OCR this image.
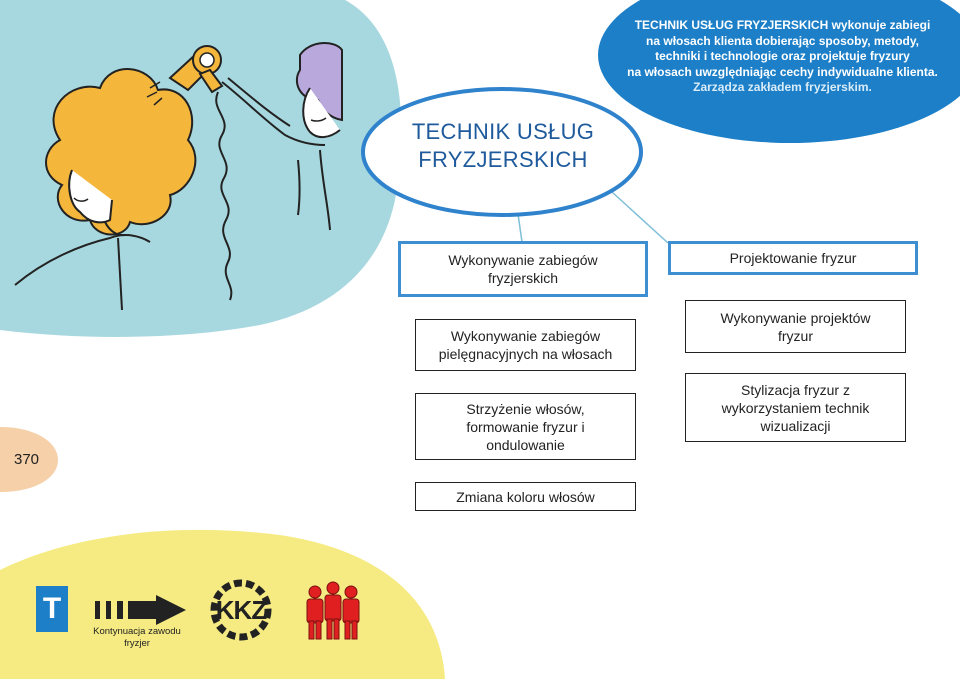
TECHNIK USŁUG FRYZJERSKICH wykonuje zabiegi
na włosach klienta dobierając sposoby, metody,
techniki i technologie oraz projektuje fryzury
na włosach uwzględniając cechy indywidualne klienta.
Zarządza zakładem fryzjerskim.
TECHNIK USŁUG
FRYZJERSKICH
Wykonywanie zabiegów fryzjerskich
Wykonywanie zabiegów pielęgnacyjnych na włosach
Strzyżenie włosów, formowanie fryzur i ondulowanie
Zmiana koloru włosów
Projektowanie fryzur
Wykonywanie projektów fryzur
Stylizacja fryzur z wykorzystaniem technik wizualizacji
370
T
Kontynuacja zawodu fryzjer
KKZ
